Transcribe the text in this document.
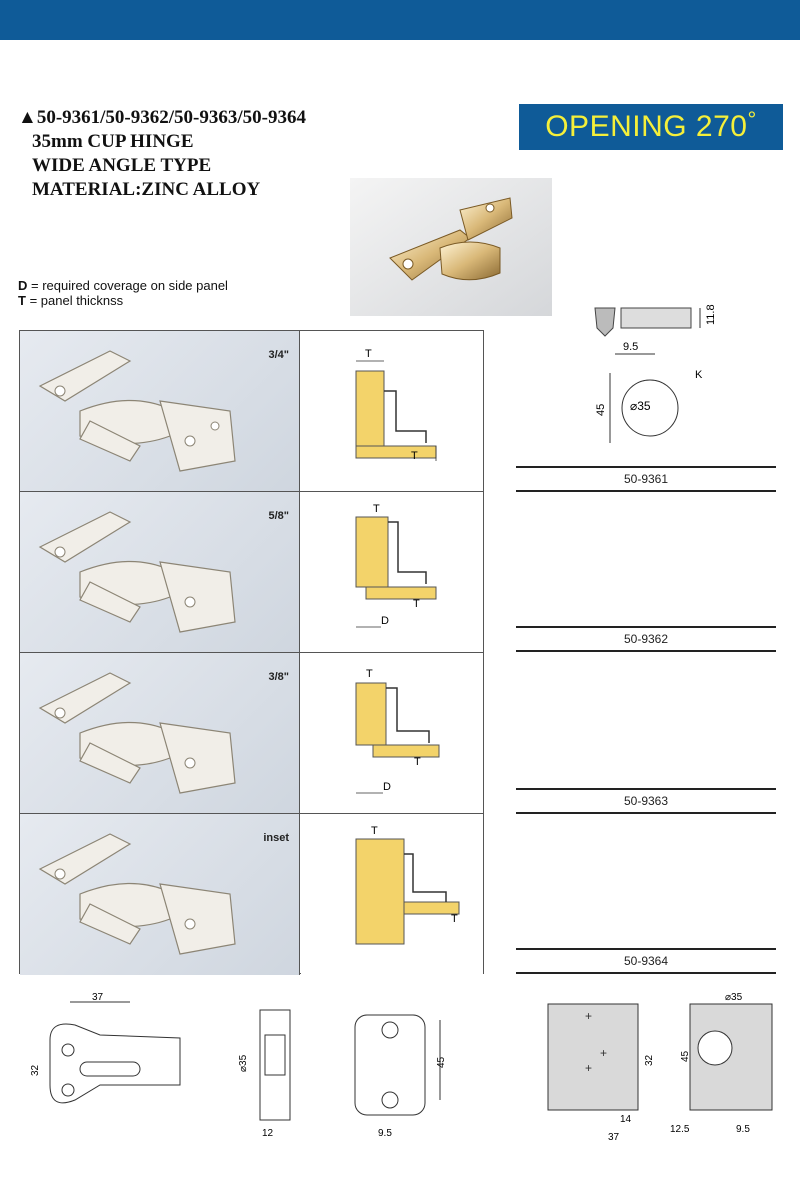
▲50-9361/50-9362/50-9363/50-9364
35mm CUP HINGE
WIDE ANGLE TYPE
MATERIAL:ZINC ALLOY
OPENING 270°
D = required coverage on side panel
T = panel thicknss
3/4"	T
T
5/8"
T
T
D
3/8"	T
T
D
inset
T
T
11.8
9.5
K
⌀35
45
50-9361
50-9362
50-9363
50-9364
37
32	⌀35
12
45
9.5
+
+
+
32
14
37
⌀35
45
12.5	9.5
